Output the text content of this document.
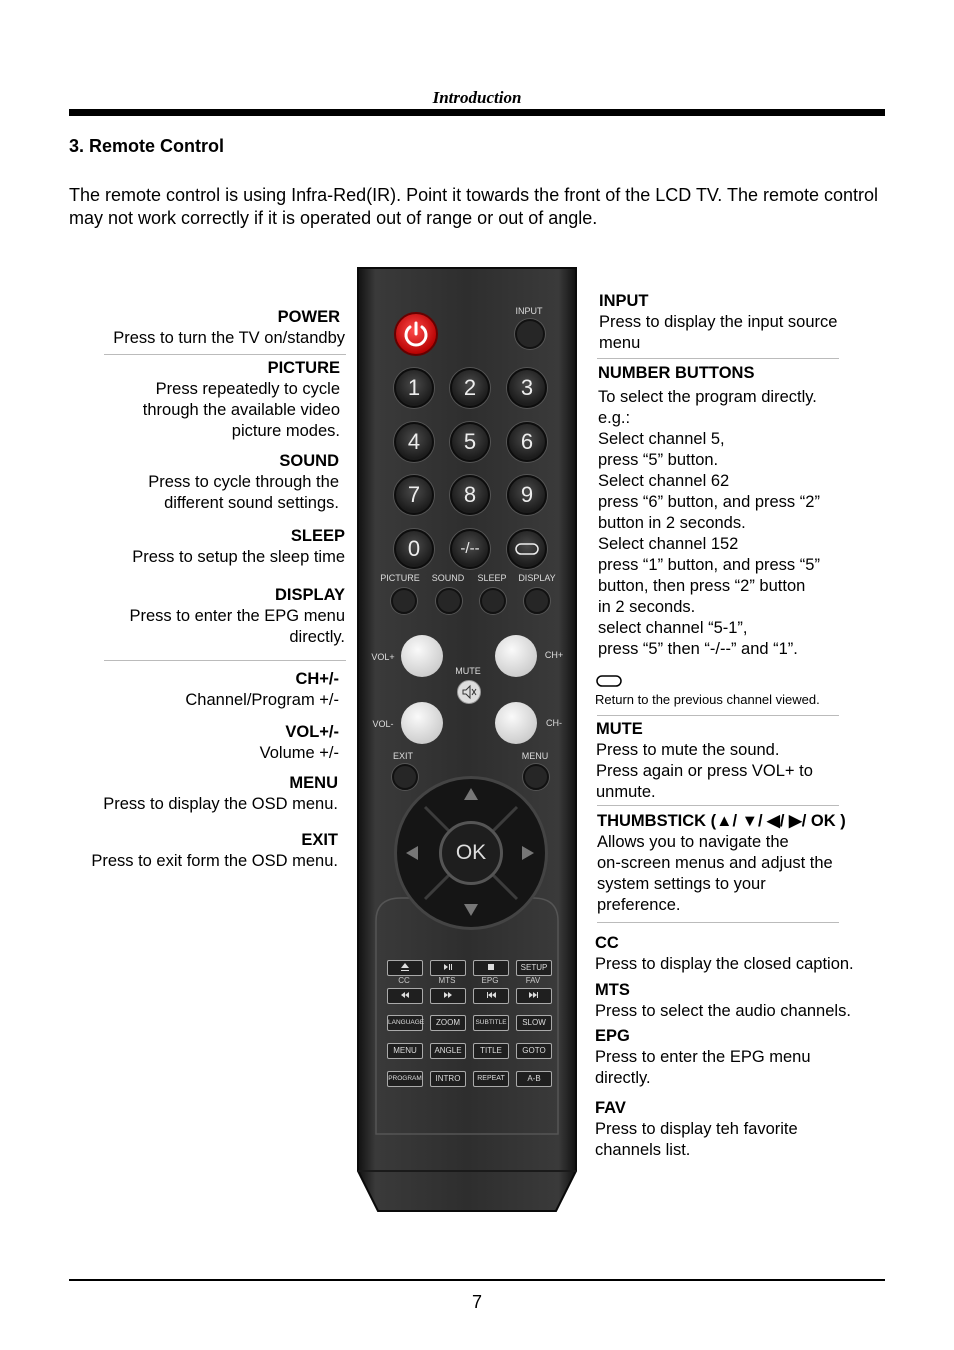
Introduction
3. Remote Control
The remote control is using Infra-Red(IR). Point it towards the front of the LCD TV. The remote control may not work correctly if it is operated out of range or out of angle.
POWER
Press to turn the TV on/standby
PICTURE
Press repeatedly to cycle
through the available video
picture modes.
SOUND
Press to cycle through the
different sound settings.
SLEEP
Press to setup the sleep time
DISPLAY
Press to enter the EPG menu
directly.
CH+/-
Channel/Program +/-
VOL+/-
Volume +/-
MENU
Press to display the OSD menu.
EXIT
Press to exit form the OSD menu.
INPUT
1	2	3
4	5	6
7	8	9
0	-/--
PICTURE	SOUND	SLEEP	DISPLAY
VOL+	CH+
MUTE
VOL-	CH-
EXIT	MENU
OK
SETUP
CC	MTS	EPG	FAV
LANGUAGE	ZOOM	SUBTITLE	SLOW
MENU	ANGLE	TITLE	GOTO
PROGRAM	INTRO	REPEAT	A-B
INPUT
Press to display the input source
menu
NUMBER BUTTONS
To select the program directly.
e.g.:
Select channel 5,
press “5” button.
Select channel 62
press “6” button, and press “2”
button in 2 seconds.
Select channel 152
press “1” button, and press “5”
button, then press “2” button
in 2 seconds.
select channel “5-1”,
press “5” then “-/--” and “1”.
Return to the previous channel viewed.
MUTE
Press to mute the sound.
Press again or press VOL+ to
unmute.
THUMBSTICK (▲/ ▼/ ◀/ ▶/ OK )
Allows you to navigate the
on-screen menus and adjust the
system settings to your
preference.
CC
Press to display the closed caption.
MTS
Press to select the audio channels.
EPG
Press to enter the EPG menu
directly.
FAV
Press to display teh favorite
channels list.
7
